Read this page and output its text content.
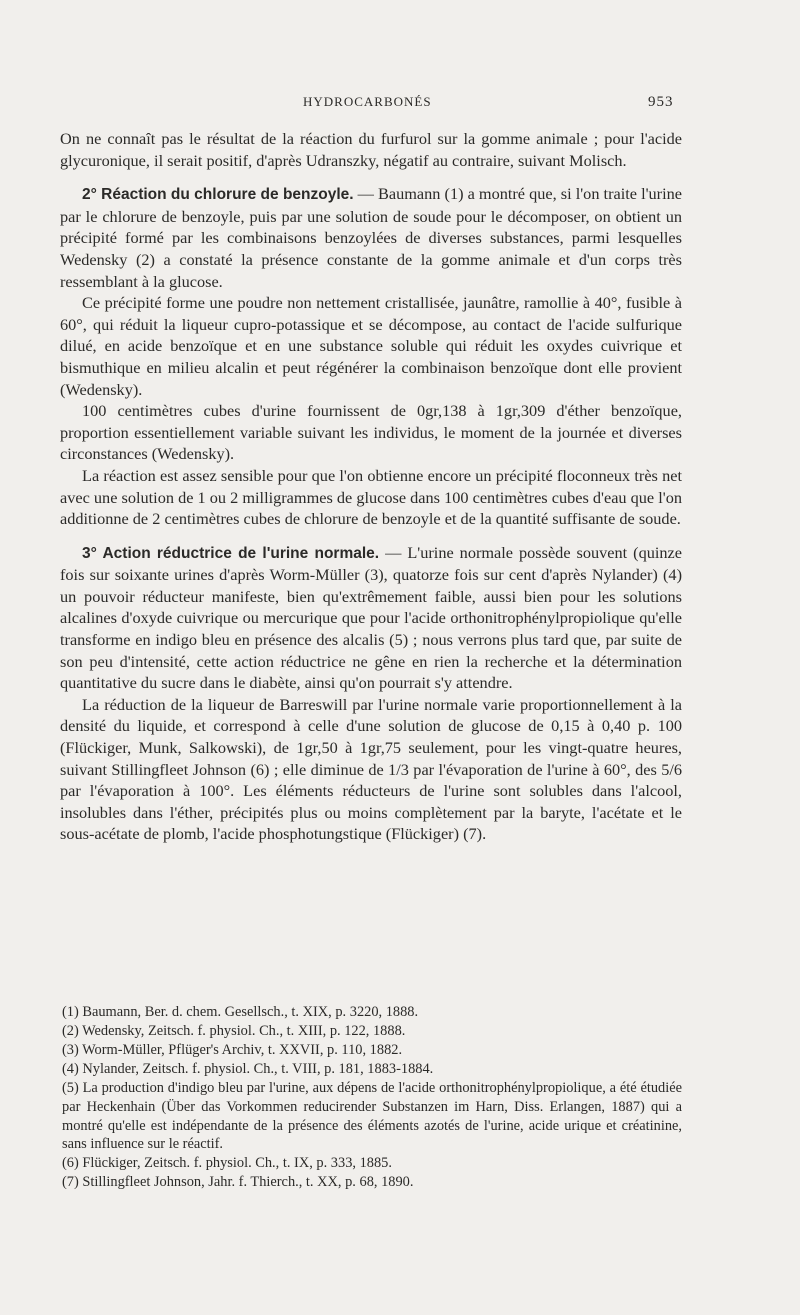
HYDROCARBONÉS	953

On ne connaît pas le résultat de la réaction du furfurol sur la gomme animale ; pour l'acide glycuronique, il serait positif, d'après Udranszky, négatif au contraire, suivant Molisch.

2° Réaction du chlorure de benzoyle. — Baumann (1) a montré que, si l'on traite l'urine par le chlorure de benzoyle, puis par une solution de soude pour le décomposer, on obtient un précipité formé par les combinaisons benzoylées de diverses substances, parmi lesquelles Wedensky (2) a constaté la présence constante de la gomme animale et d'un corps très ressemblant à la glucose.

Ce précipité forme une poudre non nettement cristallisée, jaunâtre, ramollie à 40°, fusible à 60°, qui réduit la liqueur cupro-potassique et se décompose, au contact de l'acide sulfurique dilué, en acide benzoïque et en une substance soluble qui réduit les oxydes cuivrique et bismuthique en milieu alcalin et peut régénérer la combinaison benzoïque dont elle provient (Wedensky).

100 centimètres cubes d'urine fournissent de 0gr,138 à 1gr,309 d'éther benzoïque, proportion essentiellement variable suivant les individus, le moment de la journée et diverses circonstances (Wedensky).

La réaction est assez sensible pour que l'on obtienne encore un précipité floconneux très net avec une solution de 1 ou 2 milligrammes de glucose dans 100 centimètres cubes d'eau que l'on additionne de 2 centimètres cubes de chlorure de benzoyle et de la quantité suffisante de soude.

3° Action réductrice de l'urine normale. — L'urine normale possède souvent (quinze fois sur soixante urines d'après Worm-Müller (3), quatorze fois sur cent d'après Nylander) (4) un pouvoir réducteur manifeste, bien qu'extrêmement faible, aussi bien pour les solutions alcalines d'oxyde cuivrique ou mercurique que pour l'acide orthonitrophénylpropiolique qu'elle transforme en indigo bleu en présence des alcalis (5) ; nous verrons plus tard que, par suite de son peu d'intensité, cette action réductrice ne gêne en rien la recherche et la détermination quantitative du sucre dans le diabète, ainsi qu'on pourrait s'y attendre.

La réduction de la liqueur de Barreswill par l'urine normale varie proportionnellement à la densité du liquide, et correspond à celle d'une solution de glucose de 0,15 à 0,40 p. 100 (Flückiger, Munk, Salkowski), de 1gr,50 à 1gr,75 seulement, pour les vingt-quatre heures, suivant Stillingfleet Johnson (6) ; elle diminue de 1/3 par l'évaporation de l'urine à 60°, des 5/6 par l'évaporation à 100°. Les éléments réducteurs de l'urine sont solubles dans l'alcool, insolubles dans l'éther, précipités plus ou moins complètement par la baryte, l'acétate et le sous-acétate de plomb, l'acide phosphotungstique (Flückiger) (7).

(1) Baumann, Ber. d. chem. Gesellsch., t. XIX, p. 3220, 1888.

(2) Wedensky, Zeitsch. f. physiol. Ch., t. XIII, p. 122, 1888.

(3) Worm-Müller, Pflüger's Archiv, t. XXVII, p. 110, 1882.

(4) Nylander, Zeitsch. f. physiol. Ch., t. VIII, p. 181, 1883-1884.

(5) La production d'indigo bleu par l'urine, aux dépens de l'acide orthonitrophénylpropiolique, a été étudiée par Heckenhain (Über das Vorkommen reducirender Substanzen im Harn, Diss. Erlangen, 1887) qui a montré qu'elle est indépendante de la présence des éléments azotés de l'urine, acide urique et créatinine, sans influence sur le réactif.

(6) Flückiger, Zeitsch. f. physiol. Ch., t. IX, p. 333, 1885.

(7) Stillingfleet Johnson, Jahr. f. Thierch., t. XX, p. 68, 1890.
